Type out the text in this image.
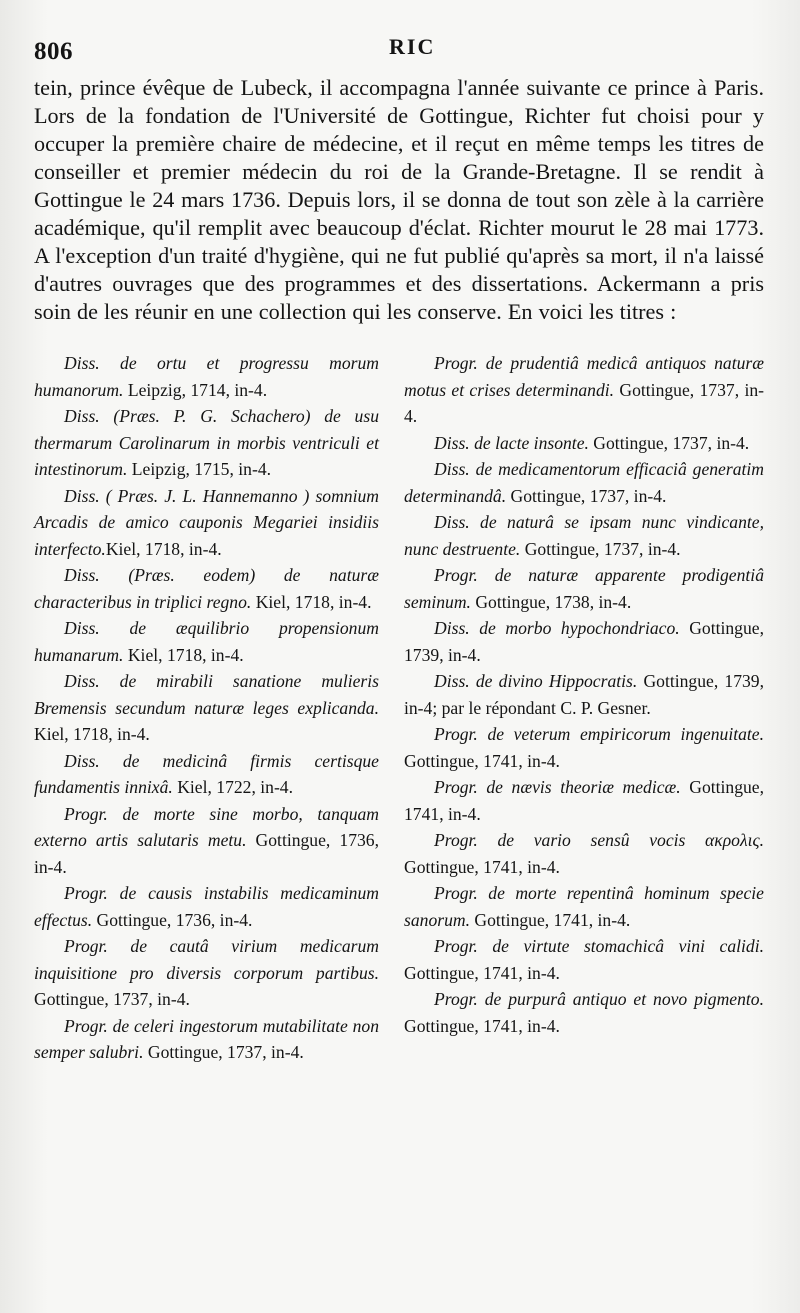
806	RIC

tein, prince évêque de Lubeck, il accompagna l'année suivante ce prince à Paris. Lors de la fondation de l'Université de Gottingue, Richter fut choisi pour y occuper la première chaire de médecine, et il reçut en même temps les titres de conseiller et premier médecin du roi de la Grande-Bretagne. Il se rendit à Gottingue le 24 mars 1736. Depuis lors, il se donna de tout son zèle à la carrière académique, qu'il remplit avec beaucoup d'éclat. Richter mourut le 28 mai 1773. A l'exception d'un traité d'hygiène, qui ne fut publié qu'après sa mort, il n'a laissé d'autres ouvrages que des programmes et des dissertations. Ackermann a pris soin de les réunir en une collection qui les conserve. En voici les titres :

Diss. de ortu et progressu morum humanorum. Leipzig, 1714, in-4.

Diss. (Præs. P. G. Schachero) de usu thermarum Carolinarum in morbis ventriculi et intestinorum. Leipzig, 1715, in-4.

Diss. ( Præs. J. L. Hannemanno ) somnium Arcadis de amico cauponis Megariei insidiis interfecto.Kiel, 1718, in-4.

Diss. (Præs. eodem) de naturæ characteribus in triplici regno. Kiel, 1718, in-4.

Diss. de æquilibrio propensionum humanarum. Kiel, 1718, in-4.

Diss. de mirabili sanatione mulieris Bremensis secundum naturæ leges explicanda. Kiel, 1718, in-4.

Diss. de medicinâ firmis certisque fundamentis innixâ. Kiel, 1722, in-4.

Progr. de morte sine morbo, tanquam externo artis salutaris metu. Gottingue, 1736, in-4.

Progr. de causis instabilis medicaminum effectus. Gottingue, 1736, in-4.

Progr. de cautâ virium medicarum inquisitione pro diversis corporum partibus. Gottingue, 1737, in-4.

Progr. de celeri ingestorum mutabilitate non semper salubri. Gottingue, 1737, in-4.

Progr. de prudentiâ medicâ antiquos naturæ motus et crises determinandi. Gottingue, 1737, in-4.

Diss. de lacte insonte. Gottingue, 1737, in-4.

Diss. de medicamentorum efficaciâ generatim determinandâ. Gottingue, 1737, in-4.

Diss. de naturâ se ipsam nunc vindicante, nunc destruente. Gottingue, 1737, in-4.

Progr. de naturæ apparente prodigentiâ seminum. Gottingue, 1738, in-4.

Diss. de morbo hypochondriaco. Gottingue, 1739, in-4.

Diss. de divino Hippocratis. Gottingue, 1739, in-4; par le répondant C. P. Gesner.

Progr. de veterum empiricorum ingenuitate. Gottingue, 1741, in-4.

Progr. de nævis theoriæ medicæ. Gottingue, 1741, in-4.

Progr. de vario sensû vocis ακρολις. Gottingue, 1741, in-4.

Progr. de morte repentinâ hominum specie sanorum. Gottingue, 1741, in-4.

Progr. de virtute stomachicâ vini calidi. Gottingue, 1741, in-4.

Progr. de purpurâ antiquo et novo pigmento. Gottingue, 1741, in-4.
